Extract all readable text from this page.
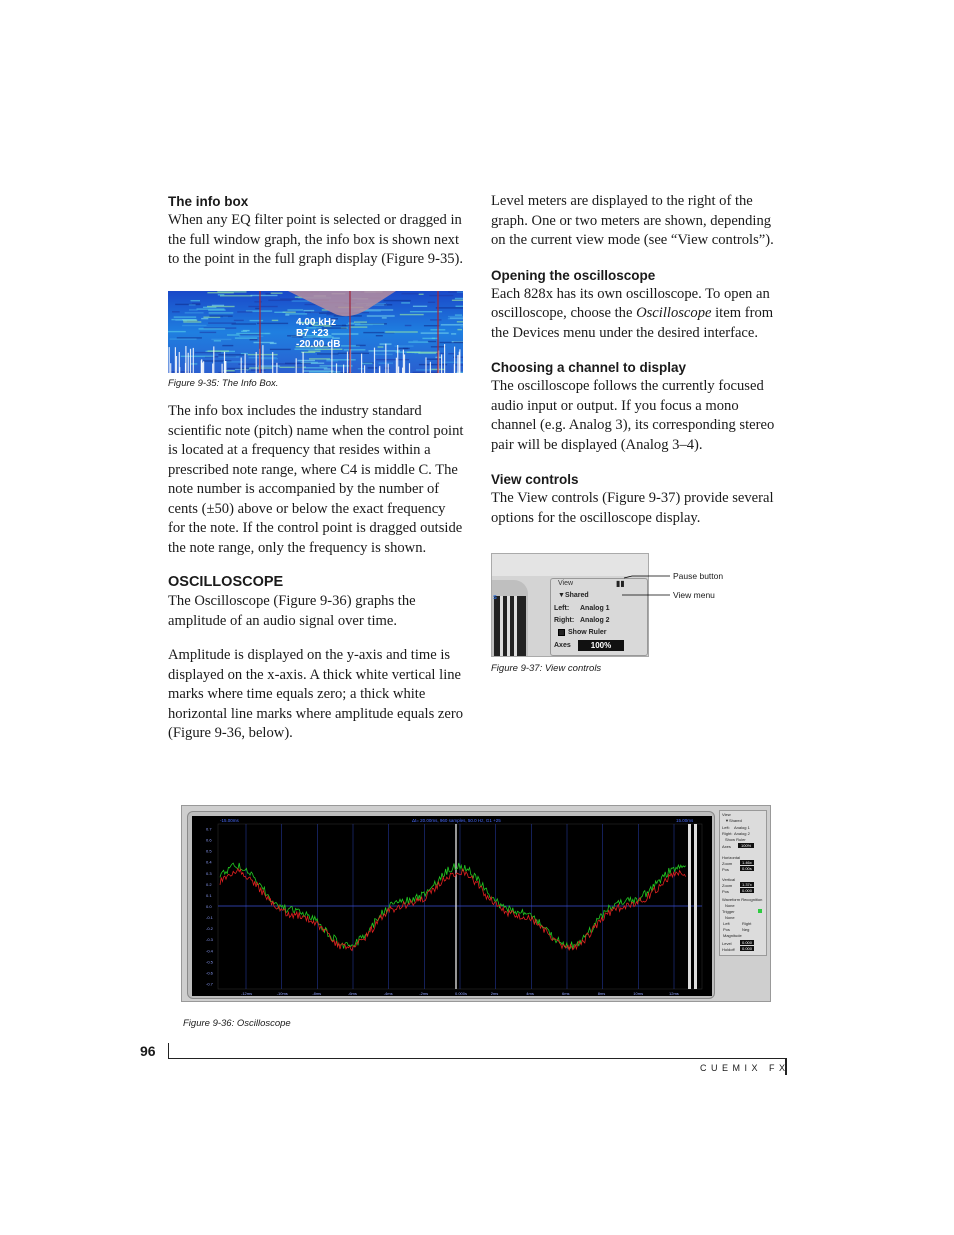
The info box

When any EQ filter point is selected or dragged in the full window graph, the info box is shown next to the point in the full graph display (Figure 9-35).

4.00 kHz
B7 +23
-20.00 dB
Figure 9-35: The Info Box.

The info box includes the industry standard scientific note (pitch) name when the control point is located at a frequency that resides within a prescribed note range, where C4 is middle C. The note number is accompanied by the number of cents (±50) above or below the exact frequency for the note. If the control point is dragged outside the note range, only the frequency is shown.

OSCILLOSCOPE

The Oscilloscope (Figure 9-36) graphs the amplitude of an audio signal over time.

Amplitude is displayed on the y-axis and time is displayed on the x-axis. A thick white vertical line marks where time equals zero; a thick white horizontal line marks where amplitude equals zero (Figure 9-36, below).

Level meters are displayed to the right of the graph. One or two meters are shown, depending on the current view mode (see “View controls”).

Opening the oscilloscope

Each 828x has its own oscilloscope. To open an oscilloscope, choose the Oscilloscope item from the Devices menu under the desired interface.

Choosing a channel to display

The oscilloscope follows the currently focused audio input or output. If you focus a mono channel (e.g. Analog 3), its corresponding stereo pair will be displayed (Analog 3–4).

View controls

The View controls (Figure 9-37) provide several options for the oscilloscope display.

s
View	▮▮
▼Shared
Left: Analog 1
Right: Analog 2
Show Ruler
Axes	100%
Pause button
View menu
Figure 9-37: View controls
0.7
0.6
0.5
0.4
0.3
0.2
0.1
0.0
-0.1
-0.2
-0.3
-0.4
-0.5
-0.6
-0.7
-12ms	-10ms	-8ms	-6ms	-4ms	-2ms	0.000s	2ms	4ms	6ms	8ms	10ms	12ms
-15.00ms	Δt= 20.00ms, 960 samples, 50.0 Hz, G1 +25	15.00ms
View
▼Shared
Left: Analog 1
Right: Analog 2
Show Ruler
Axes	100%
Horizontal
Zoom	1.46x
Pos	0.00s
Vertical
Zoom	1.37x
Pos	0.000
Waveform Recognition
None
Trigger
None
Left	Right
Pos	Neg
Magnitude
Level	0.000
Holdoff	0.000
Figure 9-36: Oscilloscope
96
CUEMIX FX
